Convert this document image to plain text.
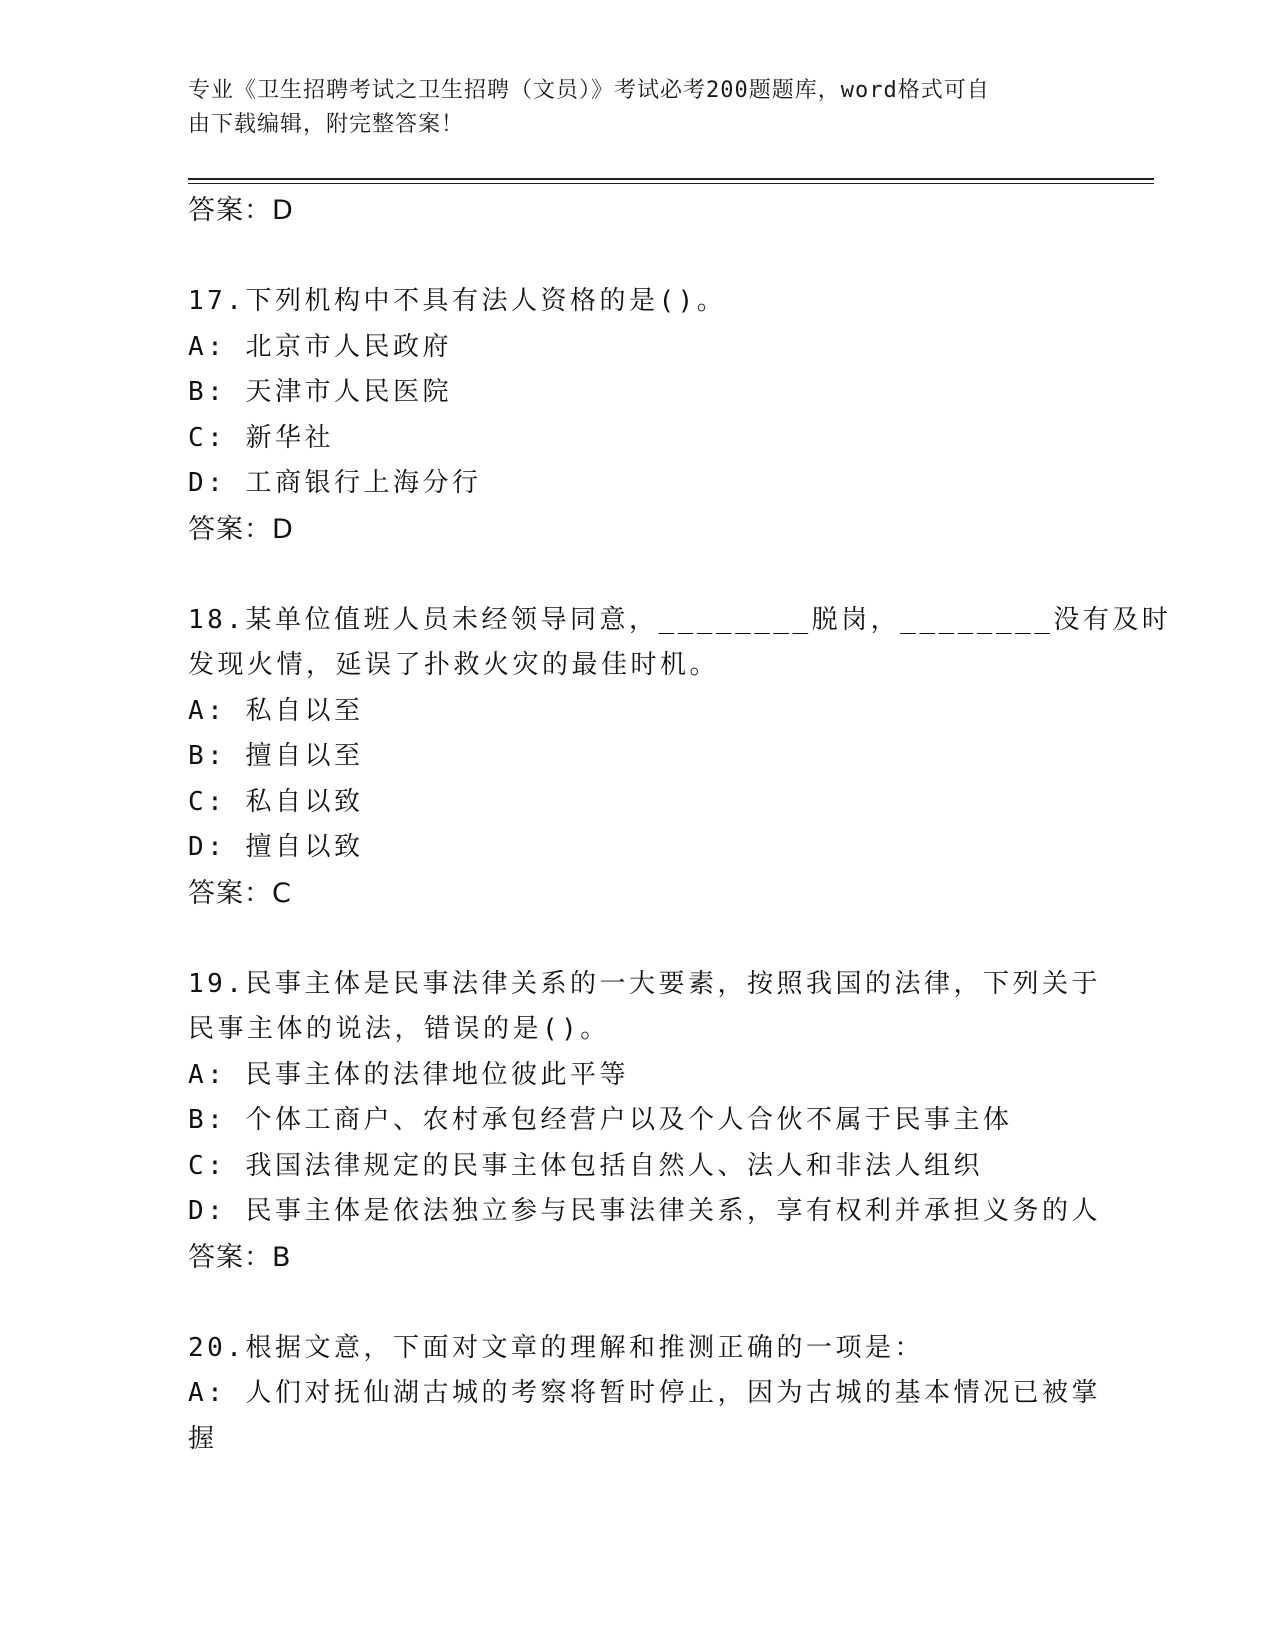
专业《卫生招聘考试之卫生招聘（文员）》考试必考200题题库，word格式可自
由下载编辑，附完整答案！
答案：D
17.下列机构中不具有法人资格的是()。
A: 北京市人民政府
B: 天津市人民医院
C: 新华社
D: 工商银行上海分行
答案：D
18.某单位值班人员未经领导同意，________脱岗，________没有及时
发现火情，延误了扑救火灾的最佳时机。
A: 私自以至
B: 擅自以至
C: 私自以致
D: 擅自以致
答案：C
19.民事主体是民事法律关系的一大要素，按照我国的法律，下列关于
民事主体的说法，错误的是()。
A: 民事主体的法律地位彼此平等
B: 个体工商户、农村承包经营户以及个人合伙不属于民事主体
C: 我国法律规定的民事主体包括自然人、法人和非法人组织
D: 民事主体是依法独立参与民事法律关系，享有权利并承担义务的人
答案：B
20.根据文意，下面对文章的理解和推测正确的一项是：
A: 人们对抚仙湖古城的考察将暂时停止，因为古城的基本情况已被掌
握
